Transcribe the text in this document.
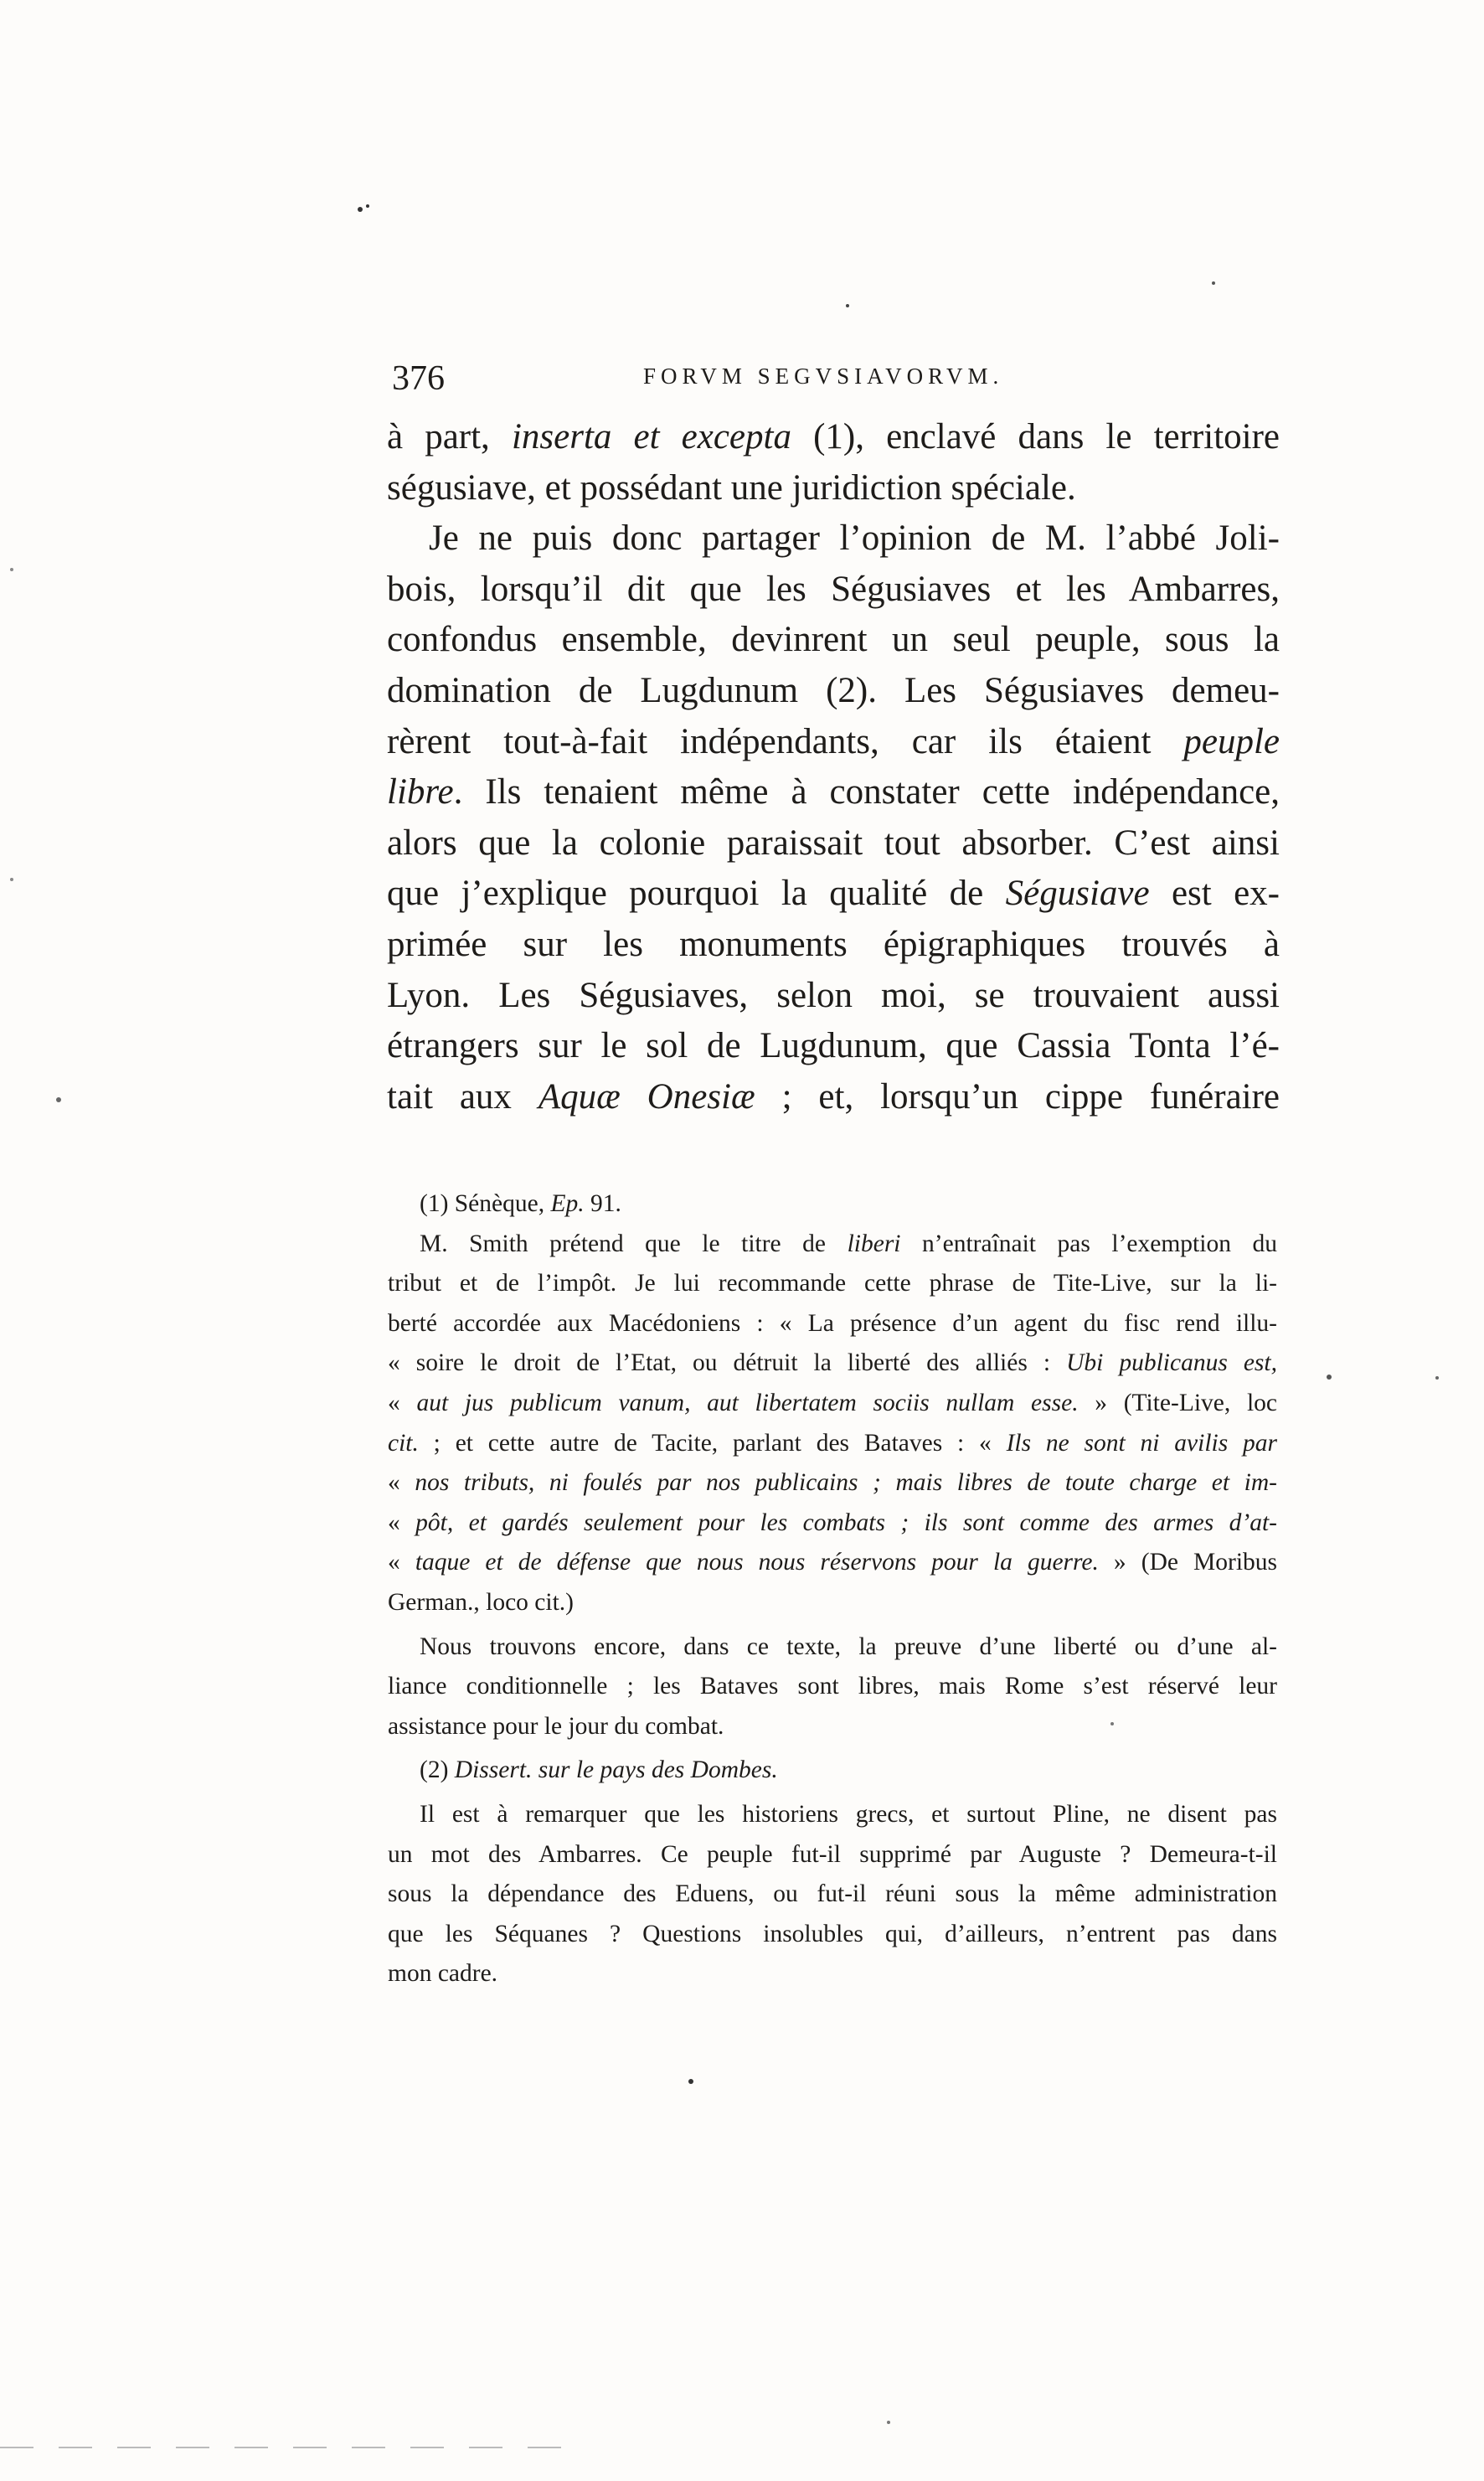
376	FORVM SEGVSIAVORVM.
à part, inserta et excepta (1), enclavé dans le territoire
ségusiave, et possédant une juridiction spéciale.
Je ne puis donc partager l’opinion de M. l’abbé Joli-
bois, lorsqu’il dit que les Ségusiaves et les Ambarres,
confondus ensemble, devinrent un seul peuple, sous la
domination de Lugdunum (2). Les Ségusiaves demeu-
rèrent tout-à-fait indépendants, car ils étaient peuple
libre. Ils tenaient même à constater cette indépendance,
alors que la colonie paraissait tout absorber. C’est ainsi
que j’explique pourquoi la qualité de Ségusiave est ex-
primée sur les monuments épigraphiques trouvés à
Lyon. Les Ségusiaves, selon moi, se trouvaient aussi
étrangers sur le sol de Lugdunum, que Cassia Tonta l’é-
tait aux Aquæ Onesiæ ; et, lorsqu’un cippe funéraire
(1) Sénèque, Ep. 91.
M. Smith prétend que le titre de liberi n’entraînait pas l’exemption du
tribut et de l’impôt. Je lui recommande cette phrase de Tite-Live, sur la li-
berté accordée aux Macédoniens : « La présence d’un agent du fisc rend illu-
« soire le droit de l’Etat, ou détruit la liberté des alliés : Ubi publicanus est,
« aut jus publicum vanum, aut libertatem sociis nullam esse. » (Tite-Live, loc
cit. ; et cette autre de Tacite, parlant des Bataves : « Ils ne sont ni avilis par
« nos tributs, ni foulés par nos publicains ; mais libres de toute charge et im-
« pôt, et gardés seulement pour les combats ; ils sont comme des armes d’at-
« taque et de défense que nous nous réservons pour la guerre. » (De Moribus
German., loco cit.)
Nous trouvons encore, dans ce texte, la preuve d’une liberté ou d’une al-
liance conditionnelle ; les Bataves sont libres, mais Rome s’est réservé leur
assistance pour le jour du combat.
(2) Dissert. sur le pays des Dombes.
Il est à remarquer que les historiens grecs, et surtout Pline, ne disent pas
un mot des Ambarres. Ce peuple fut-il supprimé par Auguste ? Demeura-t-il
sous la dépendance des Eduens, ou fut-il réuni sous la même administration
que les Séquanes ? Questions insolubles qui, d’ailleurs, n’entrent pas dans
mon cadre.
